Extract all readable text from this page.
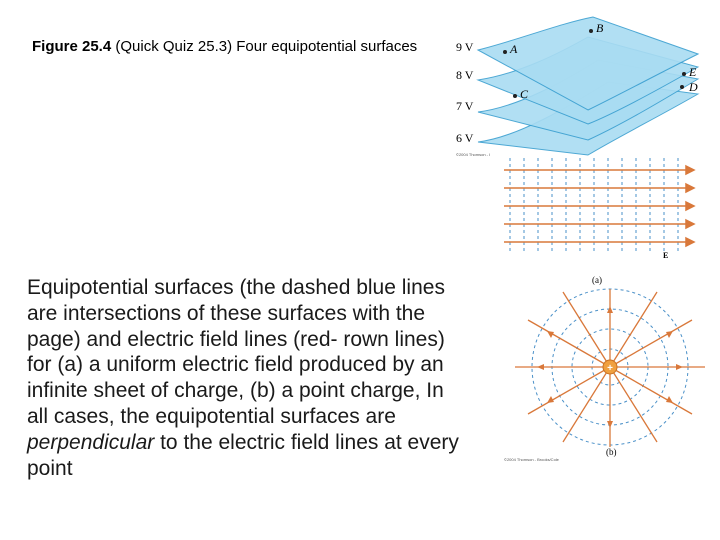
Figure 25.4 (Quick Quiz 25.3) Four equipotential surfaces
Equipotential surfaces (the dashed blue lines are intersections of these surfaces with the page) and electric field lines (red- rown lines) for (a) a uniform electric field produced by an infinite sheet of charge, (b) a point charge, In all cases, the equipotential surfaces are perpendicular to the electric field lines at every point
9 V
8 V
7 V
6 V
B
A
E
D
C
©2004 Thomson - I
E
(a)
+
(b)
©2004 Thomson - Brooks/Cole
